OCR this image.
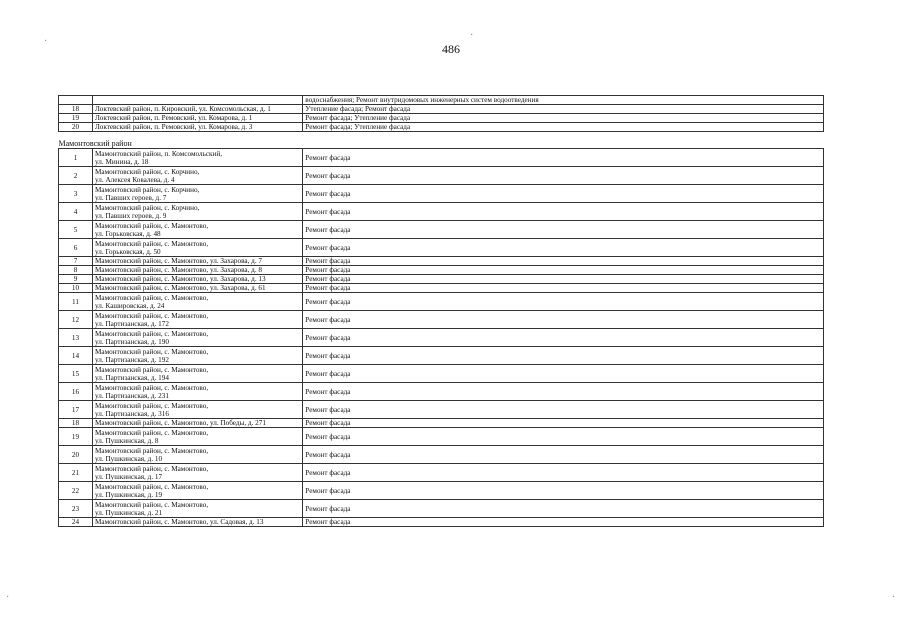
486
·
·
·	·
		водоснабжения; Ремонт внутридомовых инженерных систем водоотведения
18	Локтевский район, п. Кировский, ул. Комсомольская, д. 1	Утепление фасада; Ремонт фасада
19	Локтевский район, п. Ремовский, ул. Комарова, д. 1	Ремонт фасада; Утепление фасада
20	Локтевский район, п. Ремовский, ул. Комарова, д. 3	Ремонт фасада; Утепление фасада
Мамонтовский район		
1	Мамонтовский район, п. Комсомольский,
ул. Минина, д. 18	Ремонт фасада
2	Мамонтовский район, с. Корчино,
ул. Алексея Ковалева, д. 4	Ремонт фасада
3	Мамонтовский район, с. Корчино,
ул. Павших героев, д. 7	Ремонт фасада
4	Мамонтовский район, с. Корчино,
ул. Павших героев, д. 9	Ремонт фасада
5	Мамонтовский район, с. Мамонтово,
ул. Горьковская, д. 48	Ремонт фасада
6	Мамонтовский район, с. Мамонтово,
ул. Горьковская, д. 50	Ремонт фасада
7	Мамонтовский район, с. Мамонтово, ул. Захарова, д. 7	Ремонт фасада
8	Мамонтовский район, с. Мамонтово, ул. Захарова, д. 8	Ремонт фасада
9	Мамонтовский район, с. Мамонтово, ул. Захарова, д. 13	Ремонт фасада
10	Мамонтовский район, с. Мамонтово, ул. Захарова, д. 61	Ремонт фасада
11	Мамонтовский район, с. Мамонтово,
ул. Кашировская, д. 24	Ремонт фасада
12	Мамонтовский район, с. Мамонтово,
ул. Партизанская, д. 172	Ремонт фасада
13	Мамонтовский район, с. Мамонтово,
ул. Партизанская, д. 190	Ремонт фасада
14	Мамонтовский район, с. Мамонтово,
ул. Партизанская, д. 192	Ремонт фасада
15	Мамонтовский район, с. Мамонтово,
ул. Партизанская, д. 194	Ремонт фасада
16	Мамонтовский район, с. Мамонтово,
ул. Партизанская, д. 231	Ремонт фасада
17	Мамонтовский район, с. Мамонтово,
ул. Партизанская, д. 316	Ремонт фасада
18	Мамонтовский район, с. Мамонтово, ул. Победы, д. 271	Ремонт фасада
19	Мамонтовский район, с. Мамонтово,
ул. Пушкинская, д. 8	Ремонт фасада
20	Мамонтовский район, с. Мамонтово,
ул. Пушкинская, д. 10	Ремонт фасада
21	Мамонтовский район, с. Мамонтово,
ул. Пушкинская, д. 17	Ремонт фасада
22	Мамонтовский район, с. Мамонтово,
ул. Пушкинская, д. 19	Ремонт фасада
23	Мамонтовский район, с. Мамонтово,
ул. Пушкинская, д. 21	Ремонт фасада
24	Мамонтовский район, с. Мамонтово, ул. Садовая, д. 13	Ремонт фасада
